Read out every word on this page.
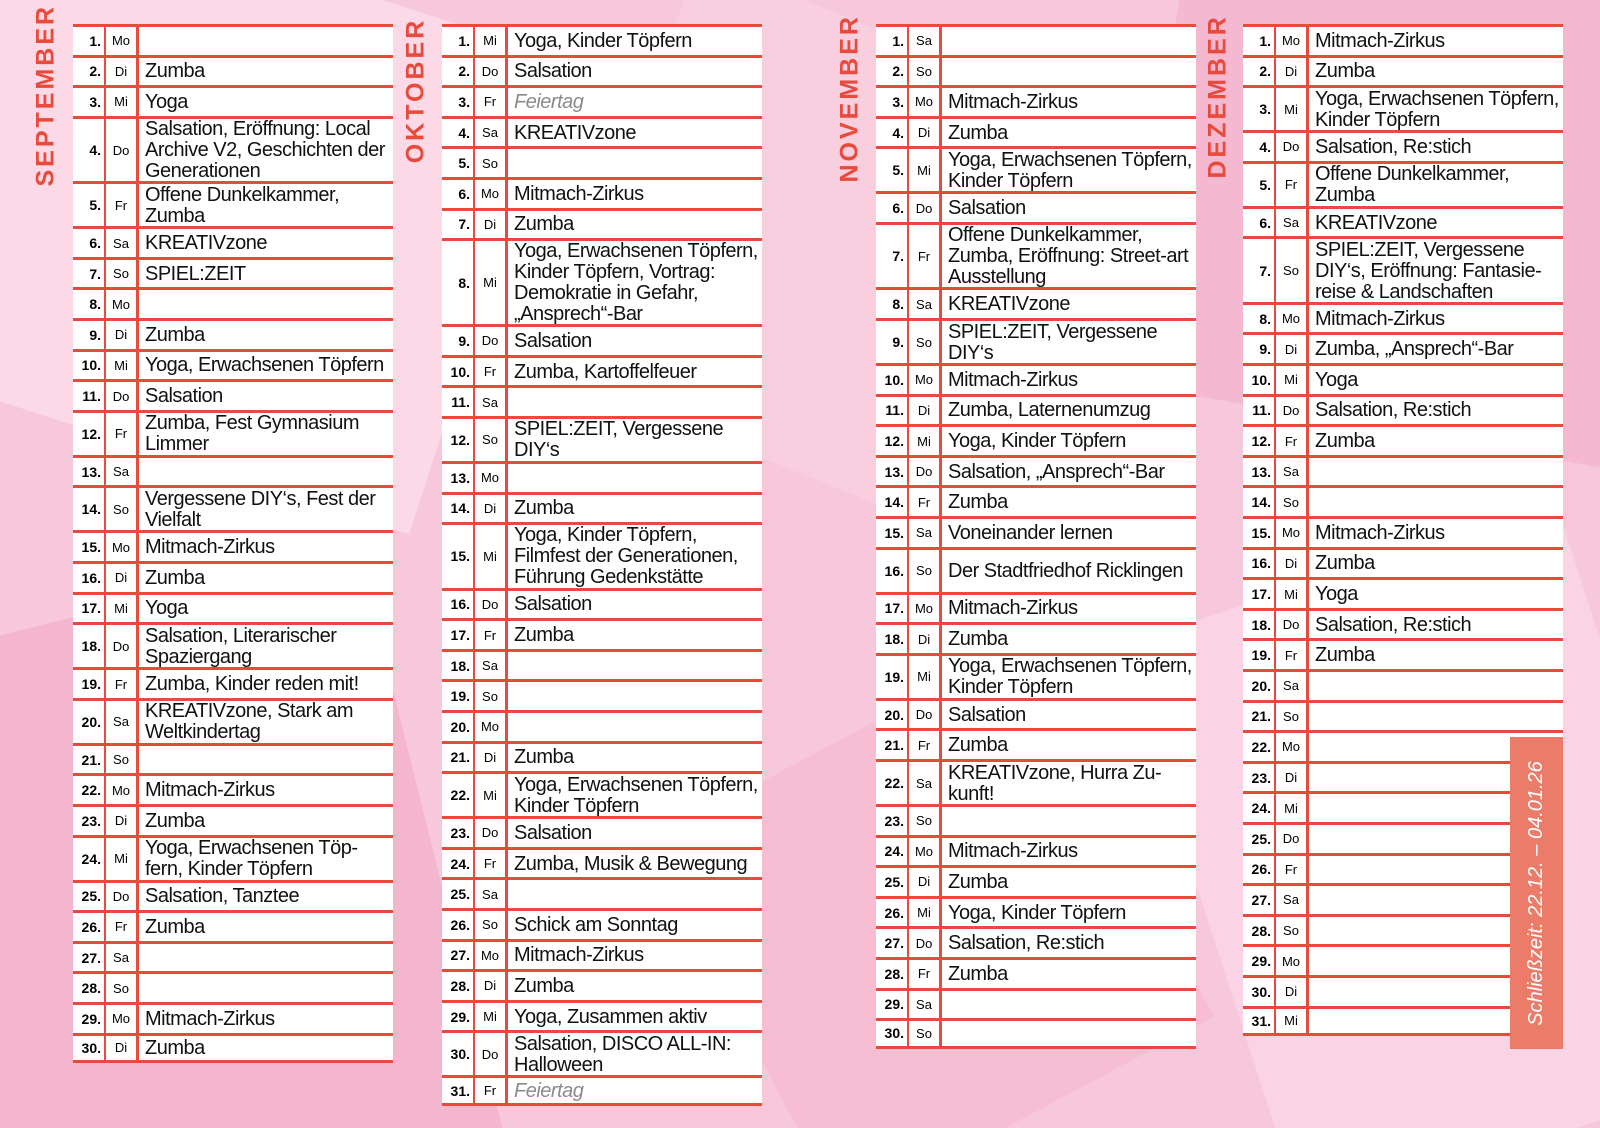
SEPTEMBER	1. Mo
2.	Di Zumba
3.	Mi Yoga
4. Do
Salsation, Eröffnung: Local Archive V2, Geschichten der Generationen
5.	Fr Offene Dunkelkammer, Zumba
6. Sa KREATIVzone
7. So SPIEL:ZEIT
8. Mo
9.	Di Zumba
10.	Mi Yoga, Erwachsenen Töpfern
11. Do Salsation
12.	Fr Zumba, Fest Gymnasium Limmer
13. Sa
14. So Vergessene DIY‘s, Fest der Vielfalt
15. Mo Mitmach-Zirkus
16.	Di Zumba
17.	Mi Yoga
18. Do Salsation, Literarischer Spaziergang
19.	Fr Zumba, Kinder reden mit!
20. Sa KREATIVzone, Stark am Weltkindertag
21. So
22. Mo Mitmach-Zirkus
23.	Di Zumba
24.	Mi Yoga, Erwachsenen Töp-fern, Kinder Töpfern
25. Do Salsation, Tanztee
26.	Fr Zumba
27. Sa
28. So
29. Mo Mitmach-Zirkus
30.	Di Zumba
OKTOBER	1.	Mi Yoga, Kinder Töpfern
2. Do Salsation
3.	Fr Feiertag
4. Sa KREATIVzone
5. So
6. Mo Mitmach-Zirkus
7.	Di Zumba
8.	Mi
Yoga, Erwachsenen Töpfern, Kinder Töpfern, Vortrag: Demokratie in Gefahr, „Ansprech“-Bar
9. Do Salsation
10.	Fr Zumba, Kartoffelfeuer
11. Sa
12. So SPIEL:ZEIT, Vergessene DIY‘s
13. Mo
14.	Di Zumba
15.	Mi
Yoga, Kinder Töpfern, Filmfest der Generationen, Führung Gedenkstätte
16. Do Salsation
17.	Fr Zumba
18. Sa
19. So
20. Mo
21.	Di Zumba
22.	Mi Yoga, Erwachsenen Töpfern, Kinder Töpfern
23. Do Salsation
24.	Fr Zumba, Musik & Bewegung
25. Sa
26. So Schick am Sonntag
27. Mo Mitmach-Zirkus
28.	Di Zumba
29.	Mi Yoga, Zusammen aktiv
30. Do Salsation, DISCO ALL-IN: Halloween
31.	Fr Feiertag
NOVEMBER	1. Sa
2. So
3. Mo Mitmach-Zirkus
4.	Di Zumba
5.	Mi Yoga, Erwachsenen Töpfern, Kinder Töpfern
6. Do Salsation
7.	Fr
Offene Dunkelkammer, Zumba, Eröffnung: Street-art Ausstellung
8. Sa KREATIVzone
9. So SPIEL:ZEIT, Vergessene DIY‘s
10. Mo Mitmach-Zirkus
11.	Di Zumba, Laternenumzug
12.	Mi Yoga, Kinder Töpfern
13. Do Salsation, „Ansprech“-Bar
14.	Fr Zumba
15. Sa Voneinander lernen
16. So Der Stadtfriedhof Ricklingen
17. Mo Mitmach-Zirkus
18.	Di Zumba
19.	Mi Yoga, Erwachsenen Töpfern, Kinder Töpfern
20. Do Salsation
21.	Fr Zumba
22. Sa KREATIVzone, Hurra Zu-kunft!
23. So
24. Mo Mitmach-Zirkus
25.	Di Zumba
26.	Mi Yoga, Kinder Töpfern
27. Do Salsation, Re:stich
28.	Fr Zumba
29. Sa
30. So
DEZEMBER	1. Mo Mitmach-Zirkus
2.	Di Zumba
3.	Mi Yoga, Erwachsenen Töpfern, Kinder Töpfern
4. Do Salsation, Re:stich
5.	Fr Offene Dunkelkammer, Zumba
6. Sa KREATIVzone
7. So
SPIEL:ZEIT, Vergessene DIY‘s, Eröffnung: Fantasie-reise & Landschaften
8. Mo Mitmach-Zirkus
9.	Di Zumba, „Ansprech“-Bar
10.	Mi Yoga
11. Do Salsation, Re:stich
12.	Fr Zumba
13. Sa
14. So
15. Mo Mitmach-Zirkus
16.	Di Zumba
17.	Mi Yoga
18. Do Salsation, Re:stich
19.	Fr Zumba
20. Sa
21. So
22. Mo
23.	Di
24.	Mi
25. Do
26.	Fr
27. Sa
28. So
29. Mo
30.	Di
31.	Mi	Schließzeit: 22.12. – 04.01.26
